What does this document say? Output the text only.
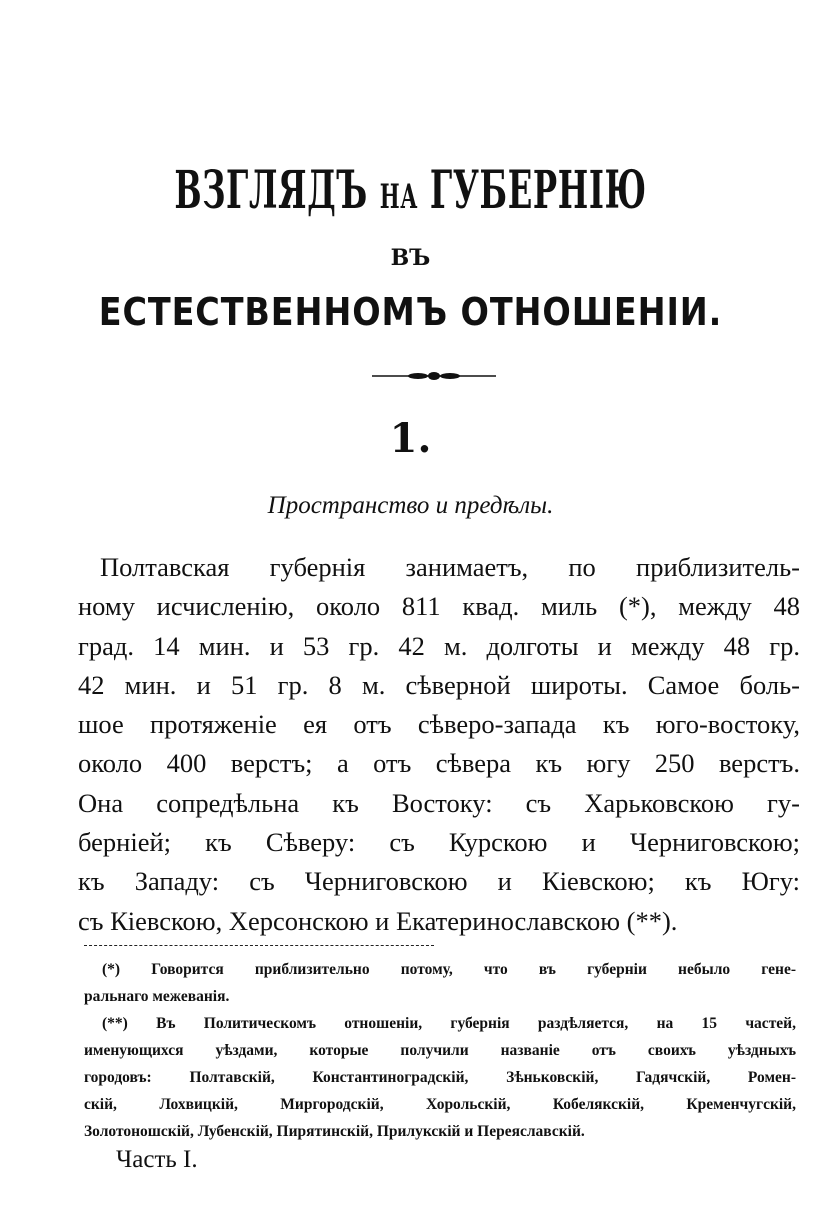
ВЗГЛЯДЪ НА ГУБЕРНІЮ
ВЪ
ЕСТЕСТВЕННОМЪ ОТНОШЕНІИ.
1.
Пространство и предѣлы.
Полтавская губернія занимаетъ, по приблизитель-
ному исчисленію, около 811 квад. миль (*), между 48
град. 14 мин. и 53 гр. 42 м. долготы и между 48 гр.
42 мин. и 51 гр. 8 м. сѣверной широты. Самое боль-
шое протяженіе ея отъ сѣверо-запада къ юго-востоку,
около 400 верстъ; а отъ сѣвера къ югу 250 верстъ.
Она сопредѣльна къ Востоку: съ Харьковскою гу-
берніей; къ Сѣверу: съ Курскою и Черниговскою;
къ Западу: съ Черниговскою и Кіевскою; къ Югу:
съ Кіевскою, Херсонскою и Екатеринославскою (**).
(*) Говорится приблизительно потому, что въ губерніи небыло гене-
ральнаго межеванія.
(**) Въ Политическомъ отношеніи, губернія раздѣляется, на 15 частей,
именующихся уѣздами, которые получили названіе отъ своихъ уѣздныхъ
городовъ: Полтавскій, Константиноградскій, Зѣньковскій, Гадячскій, Ромен-
скій, Лохвицкій, Миргородскій, Хорольскій, Кобелякскій, Кременчугскій,
Золотоношскій, Лубенскій, Пирятинскій, Прилукскій и Переяславскій.
Часть I.
